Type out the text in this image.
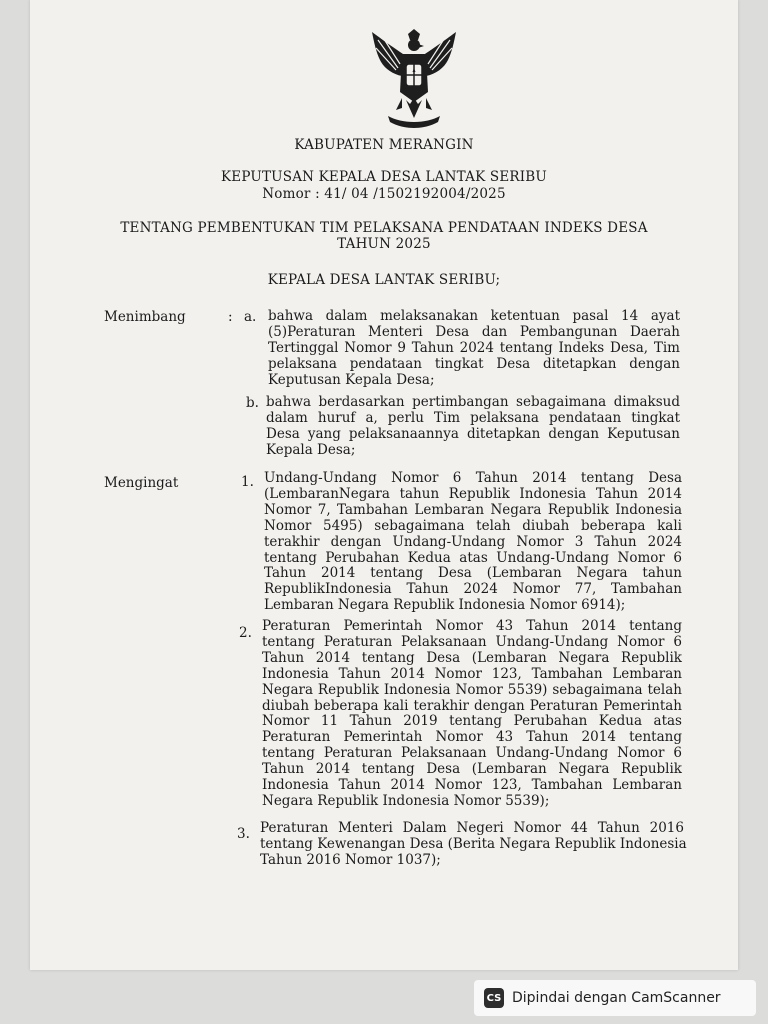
KABUPATEN MERANGIN
KEPUTUSAN KEPALA DESA LANTAK SERIBU
Nomor : 41/ 04 /1502192004/2025
TENTANG PEMBENTUKAN TIM PELAKSANA PENDATAAN INDEKS DESA
TAHUN 2025
KEPALA DESA LANTAK SERIBU;
Menimbang	: a. bahwa dalam melaksanakan ketentuan pasal 14 ayat
(5)Peraturan Menteri Desa dan Pembangunan Daerah
Tertinggal Nomor 9 Tahun 2024 tentang Indeks Desa, Tim
pelaksana pendataan tingkat Desa ditetapkan dengan
Keputusan Kepala Desa;
b. bahwa berdasarkan pertimbangan sebagaimana dimaksud
dalam huruf a, perlu Tim pelaksana pendataan tingkat
Desa yang pelaksanaannya ditetapkan dengan Keputusan
Kepala Desa;
Mengingat	1. Undang-Undang Nomor 6 Tahun 2014 tentang Desa
(LembaranNegara tahun Republik Indonesia Tahun 2014
Nomor 7, Tambahan Lembaran Negara Republik Indonesia
Nomor 5495) sebagaimana telah diubah beberapa kali
terakhir dengan Undang-Undang Nomor 3 Tahun 2024
tentang Perubahan Kedua atas Undang-Undang Nomor 6
Tahun 2014 tentang Desa (Lembaran Negara tahun
RepublikIndonesia Tahun 2024 Nomor 77, Tambahan
Lembaran Negara Republik Indonesia Nomor 6914);
2. Peraturan Pemerintah Nomor 43 Tahun 2014 tentang
tentang Peraturan Pelaksanaan Undang-Undang Nomor 6
Tahun 2014 tentang Desa (Lembaran Negara Republik
Indonesia Tahun 2014 Nomor 123, Tambahan Lembaran
Negara Republik Indonesia Nomor 5539) sebagaimana telah
diubah beberapa kali terakhir dengan Peraturan Pemerintah
Nomor 11 Tahun 2019 tentang Perubahan Kedua atas
Peraturan Pemerintah Nomor 43 Tahun 2014 tentang
tentang Peraturan Pelaksanaan Undang-Undang Nomor 6
Tahun 2014 tentang Desa (Lembaran Negara Republik
Indonesia Tahun 2014 Nomor 123, Tambahan Lembaran
Negara Republik Indonesia Nomor 5539);
3. Peraturan Menteri Dalam Negeri Nomor 44 Tahun 2016
tentang Kewenangan Desa (Berita Negara Republik Indonesia
Tahun 2016 Nomor 1037);
CS Dipindai dengan CamScanner
